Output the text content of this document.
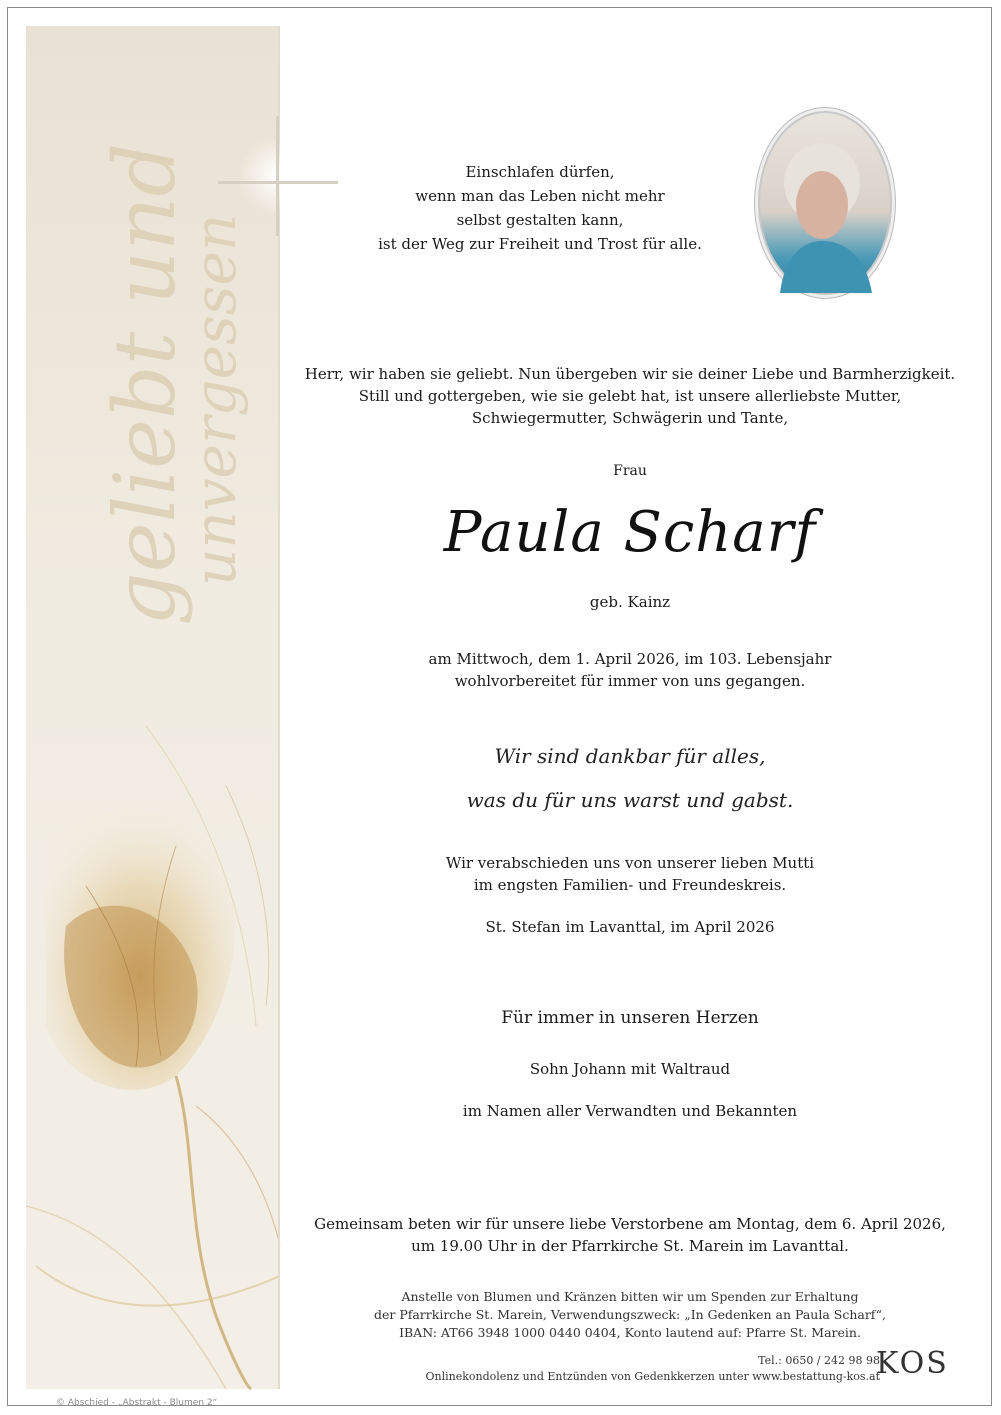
geliebt und
unvergessen
© Abschied - „Abstrakt - Blumen 2“
Einschlafen dürfen,
wenn man das Leben nicht mehr
selbst gestalten kann,
ist der Weg zur Freiheit und Trost für alle.
Herr, wir haben sie geliebt. Nun übergeben wir sie deiner Liebe und Barmherzigkeit.
Still und gottergeben, wie sie gelebt hat, ist unsere allerliebste Mutter,
Schwiegermutter, Schwägerin und Tante,
Frau
Paula Scharf
geb. Kainz
am Mittwoch, dem 1. April 2026, im 103. Lebensjahr
wohlvorbereitet für immer von uns gegangen.
Wir sind dankbar für alles,
was du für uns warst und gabst.
Wir verabschieden uns von unserer lieben Mutti
im engsten Familien- und Freundeskreis.
St. Stefan im Lavanttal, im April 2026
Für immer in unseren Herzen
Sohn Johann mit Waltraud
im Namen aller Verwandten und Bekannten
Gemeinsam beten wir für unsere liebe Verstorbene am Montag, dem 6. April 2026,
um 19.00 Uhr in der Pfarrkirche St. Marein im Lavanttal.
Anstelle von Blumen und Kränzen bitten wir um Spenden zur Erhaltung
der Pfarrkirche St. Marein, Verwendungszweck: „In Gedenken an Paula Scharf“,
IBAN: AT66 3948 1000 0440 0404, Konto lautend auf: Pfarre St. Marein.
Tel.: 0650 / 242 98 98
Onlinekondolenz und Entzünden von Gedenkkerzen unter www.bestattung-kos.at
KOS
